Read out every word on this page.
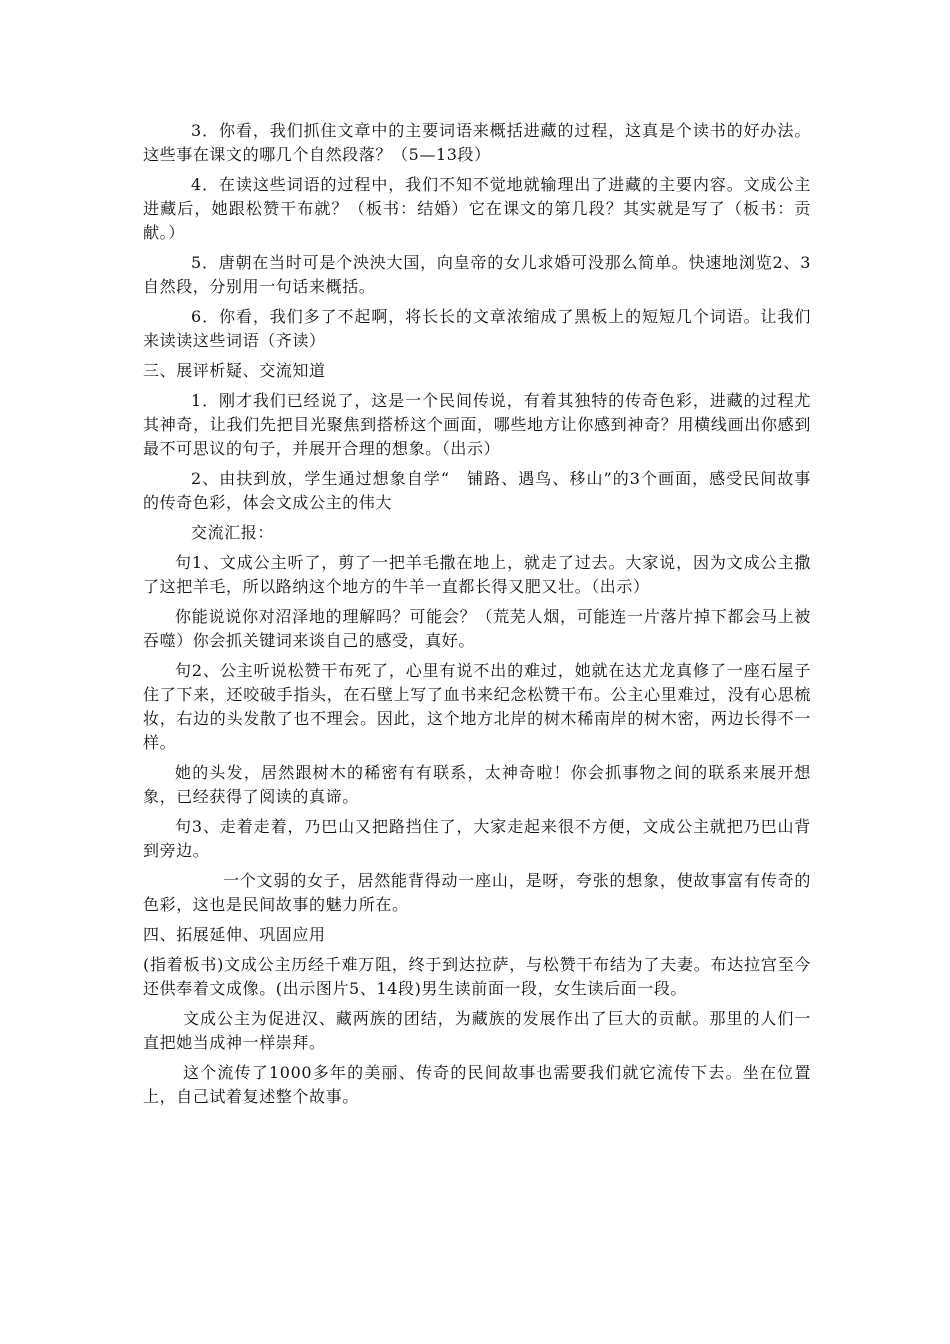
3．你看，我们抓住文章中的主要词语来概括进藏的过程，这真是个读书的好办法。这些事在课文的哪几个自然段落？（5—13段）

4．在读这些词语的过程中，我们不知不觉地就输理出了进藏的主要内容。文成公主进藏后，她跟松赞干布就？（板书：结婚）它在课文的第几段？其实就是写了（板书：贡献。）

5．唐朝在当时可是个泱泱大国，向皇帝的女儿求婚可没那么简单。快速地浏览2、3自然段，分别用一句话来概括。

6．你看，我们多了不起啊，将长长的文章浓缩成了黑板上的短短几个词语。让我们来读读这些词语（齐读）

三、展评析疑、交流知道

1．刚才我们已经说了，这是一个民间传说，有着其独特的传奇色彩，进藏的过程尤其神奇，让我们先把目光聚焦到搭桥这个画面，哪些地方让你感到神奇？用横线画出你感到最不可思议的句子，并展开合理的想象。（出示）

2、由扶到放，学生通过想象自学“　铺路、遇鸟、移山”的3个画面，感受民间故事的传奇色彩，体会文成公主的伟大

交流汇报：

句1、文成公主听了，剪了一把羊毛撒在地上，就走了过去。大家说，因为文成公主撒了这把羊毛，所以路纳这个地方的牛羊一直都长得又肥又壮。（出示）

你能说说你对沼泽地的理解吗？可能会？（荒芜人烟，可能连一片落片掉下都会马上被吞噬）你会抓关键词来谈自己的感受，真好。

句2、公主听说松赞干布死了，心里有说不出的难过，她就在达尤龙真修了一座石屋子住了下来，还咬破手指头，在石壁上写了血书来纪念松赞干布。公主心里难过，没有心思梳妆，右边的头发散了也不理会。因此，这个地方北岸的树木稀南岸的树木密，两边长得不一样。

她的头发，居然跟树木的稀密有有联系，太神奇啦！你会抓事物之间的联系来展开想象，已经获得了阅读的真谛。

句3、走着走着，乃巴山又把路挡住了，大家走起来很不方便，文成公主就把乃巴山背到旁边。

一个文弱的女子，居然能背得动一座山，是呀，夸张的想象，使故事富有传奇的色彩，这也是民间故事的魅力所在。

四、拓展延伸、巩固应用

(指着板书)文成公主历经千难万阻，终于到达拉萨，与松赞干布结为了夫妻。布达拉宫至今还供奉着文成像。(出示图片5、14段)男生读前面一段，女生读后面一段。

文成公主为促进汉、藏两族的团结，为藏族的发展作出了巨大的贡献。那里的人们一直把她当成神一样崇拜。

这个流传了1000多年的美丽、传奇的民间故事也需要我们就它流传下去。坐在位置上，自己试着复述整个故事。
